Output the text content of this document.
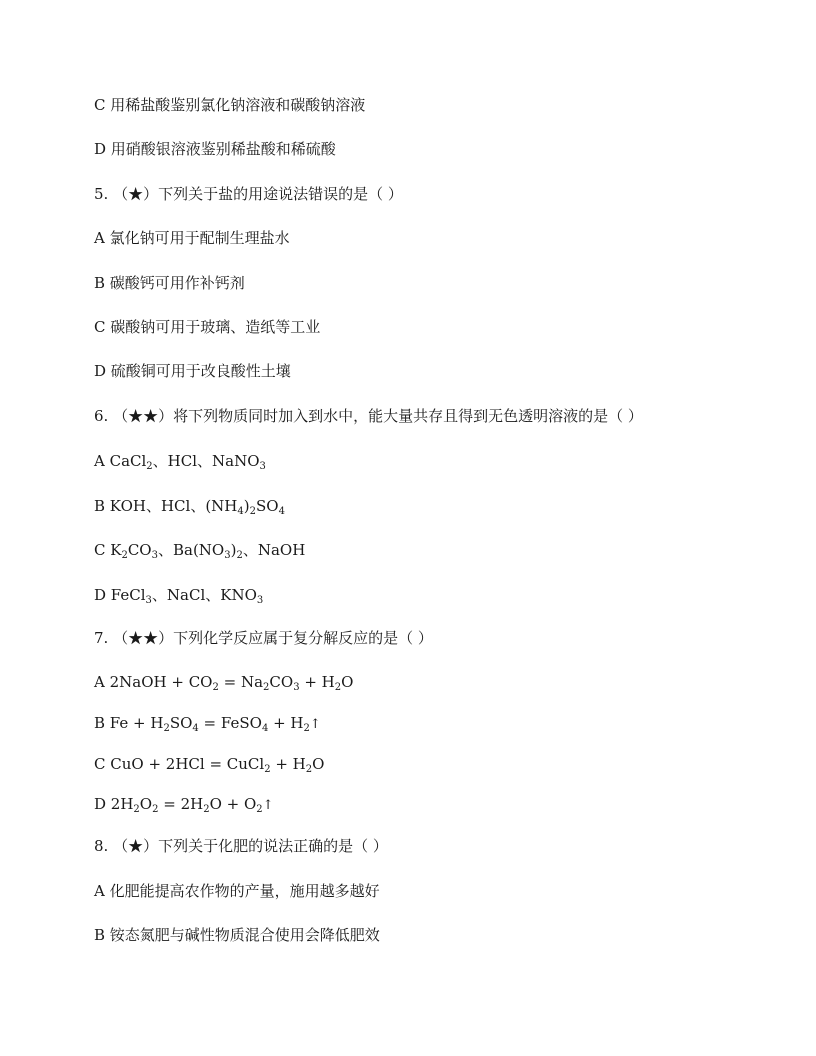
C 用稀盐酸鉴别氯化钠溶液和碳酸钠溶液
D 用硝酸银溶液鉴别稀盐酸和稀硫酸
5. （★）下列关于盐的用途说法错误的是（ ）
A 氯化钠可用于配制生理盐水
B 碳酸钙可用作补钙剂
C 碳酸钠可用于玻璃、造纸等工业
D 硫酸铜可用于改良酸性土壤
6. （★★）将下列物质同时加入到水中，能大量共存且得到无色透明溶液的是（ ）
A CaCl$_2$、HCl、NaNO$_3$
B KOH、HCl、$(NH_4)_2SO_4$
C $K_2CO_3$、$Ba(NO_3)_2$、NaOH
D FeCl$_3$、NaCl、$KNO_3$
7. （★★）下列化学反应属于复分解反应的是（ ）
A 2NaOH + $CO_2 = Na_2CO_3 + H_2O$
B $Fe + H_2SO_4$ = FeSO$_4$ + $H_2↑$
C CuO + 2HCl = CuCl$_2$ + $H_2O$
D $2H_2O_2 = 2H_2O$ + $O_2↑$
8. （★）下列关于化肥的说法正确的是（ ）
A 化肥能提高农作物的产量，施用越多越好
B 铵态氮肥与碱性物质混合使用会降低肥效
